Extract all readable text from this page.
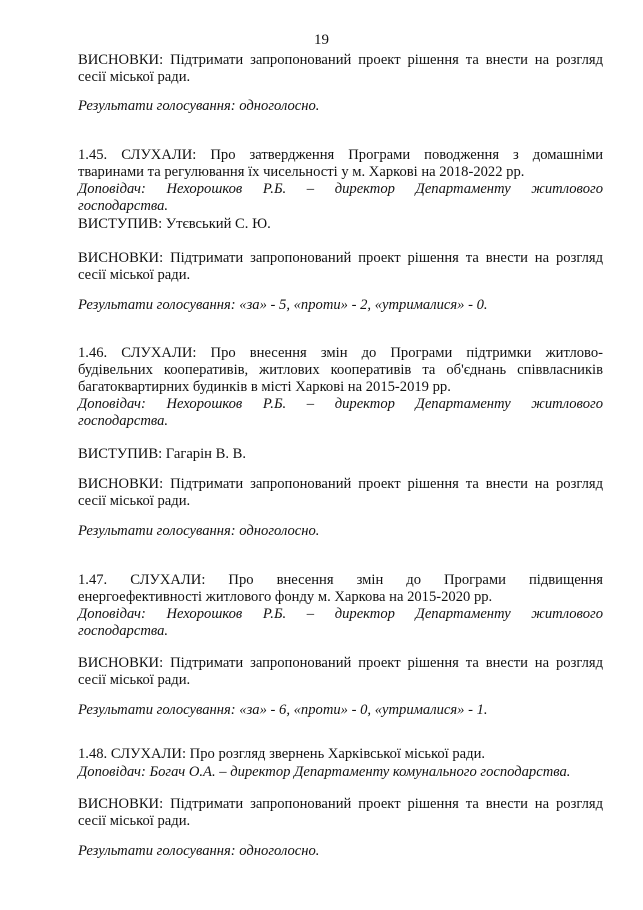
19

ВИСНОВКИ: Підтримати запропонований проект рішення та внести на розгляд сесії міської ради.

Результати голосування: одноголосно.

1.45. СЛУХАЛИ: Про затвердження Програми поводження з домашніми

тваринами та регулювання їх чисельності у м. Харкові на 2018-2022 рр.

Доповідач: Нехорошков Р.Б. – директор Департаменту житлового

господарства.

ВИСТУПИВ: Утєвський С. Ю.

ВИСНОВКИ: Підтримати запропонований проект рішення та внести на розгляд сесії міської ради.

Результати голосування: «за» - 5, «проти» - 2, «утрималися» - 0.

1.46. СЛУХАЛИ: Про внесення змін до Програми підтримки житлово-

будівельних кооперативів, житлових кооперативів та об'єднань співвласників

багатоквартирних будинків в місті Харкові на 2015-2019 рр.

Доповідач: Нехорошков Р.Б. – директор Департаменту житлового

господарства.

ВИСТУПИВ: Гагарін В. В.

ВИСНОВКИ: Підтримати запропонований проект рішення та внести на розгляд сесії міської ради.

Результати голосування: одноголосно.

1.47. СЛУХАЛИ: Про внесення змін до Програми підвищення

енергоефективності житлового фонду м. Харкова на 2015-2020 рр.

Доповідач: Нехорошков Р.Б. – директор Департаменту житлового

господарства.

ВИСНОВКИ: Підтримати запропонований проект рішення та внести на розгляд сесії міської ради.

Результати голосування: «за» - 6, «проти» - 0, «утрималися» - 1.

1.48. СЛУХАЛИ: Про розгляд звернень Харківської міської ради.

Доповідач: Богач О.А. – директор Департаменту комунального господарства.

ВИСНОВКИ: Підтримати запропонований проект рішення та внести на розгляд сесії міської ради.

Результати голосування: одноголосно.
